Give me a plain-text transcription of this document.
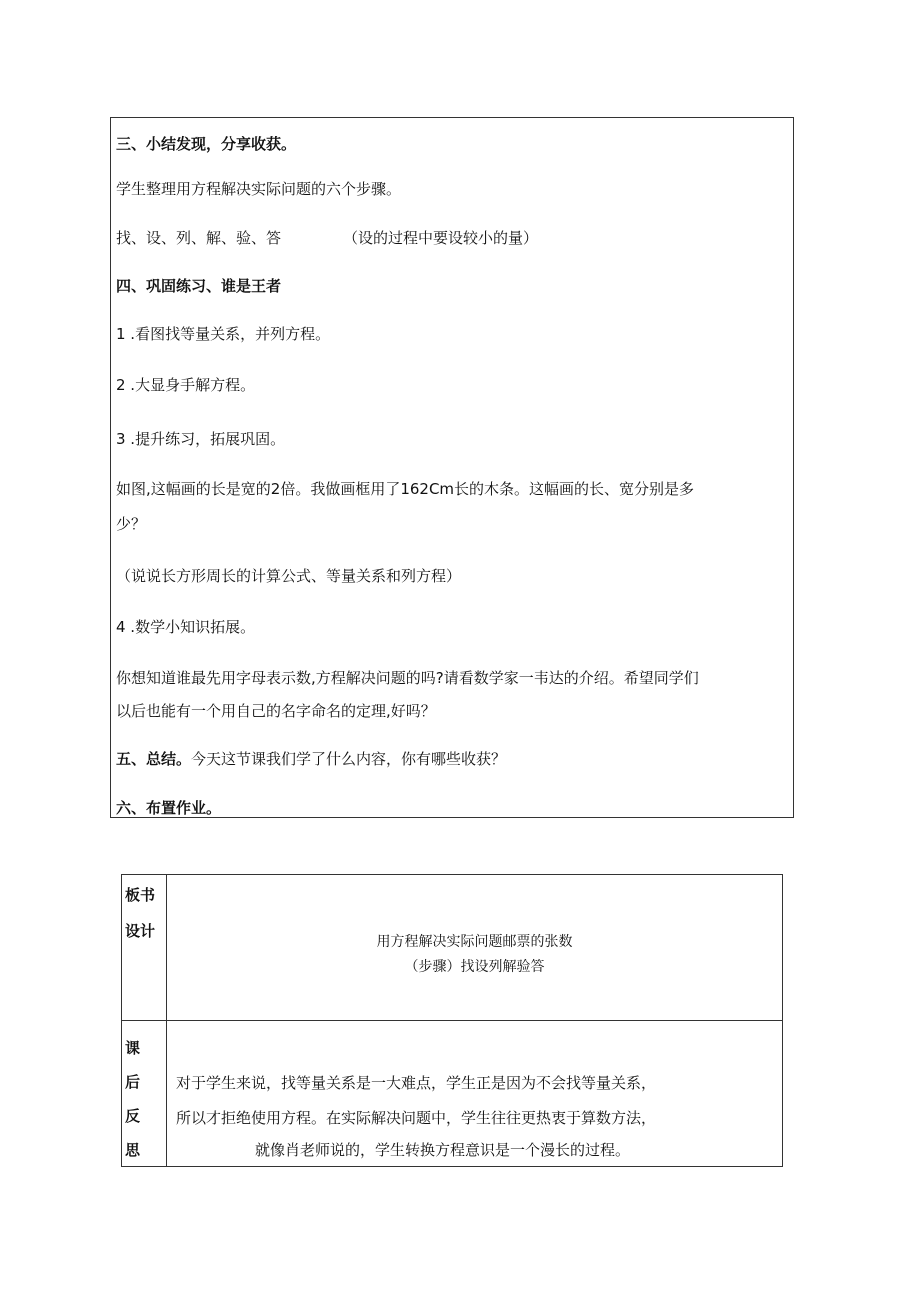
三、小结发现，分享收获。
学生整理用方程解决实际问题的六个步骤。
找、设、列、解、验、答	（设的过程中要设较小的量）
四、巩固练习、谁是王者
1 .看图找等量关系，并列方程。
2 .大显身手解方程。
3 .提升练习，拓展巩固。
如图,这幅画的长是宽的2倍。我做画框用了162Cm长的木条。这幅画的长、宽分别是多
少？
（说说长方形周长的计算公式、等量关系和列方程）
4 .数学小知识拓展。
你想知道谁最先用字母表示数,方程解决问题的吗?请看数学家一韦达的介绍。希望同学们
以后也能有一个用自己的名字命名的定理,好吗？
五、总结。今天这节课我们学了什么内容，你有哪些收获？
六、布置作业。
板书
设计
用方程解决实际问题邮票的张数
（步骤）找设列解验答
课
后
反
思
对于学生来说，找等量关系是一大难点，学生正是因为不会找等量关系，
所以才拒绝使用方程。在实际解决问题中，学生往往更热衷于算数方法，
就像肖老师说的，学生转换方程意识是一个漫长的过程。
